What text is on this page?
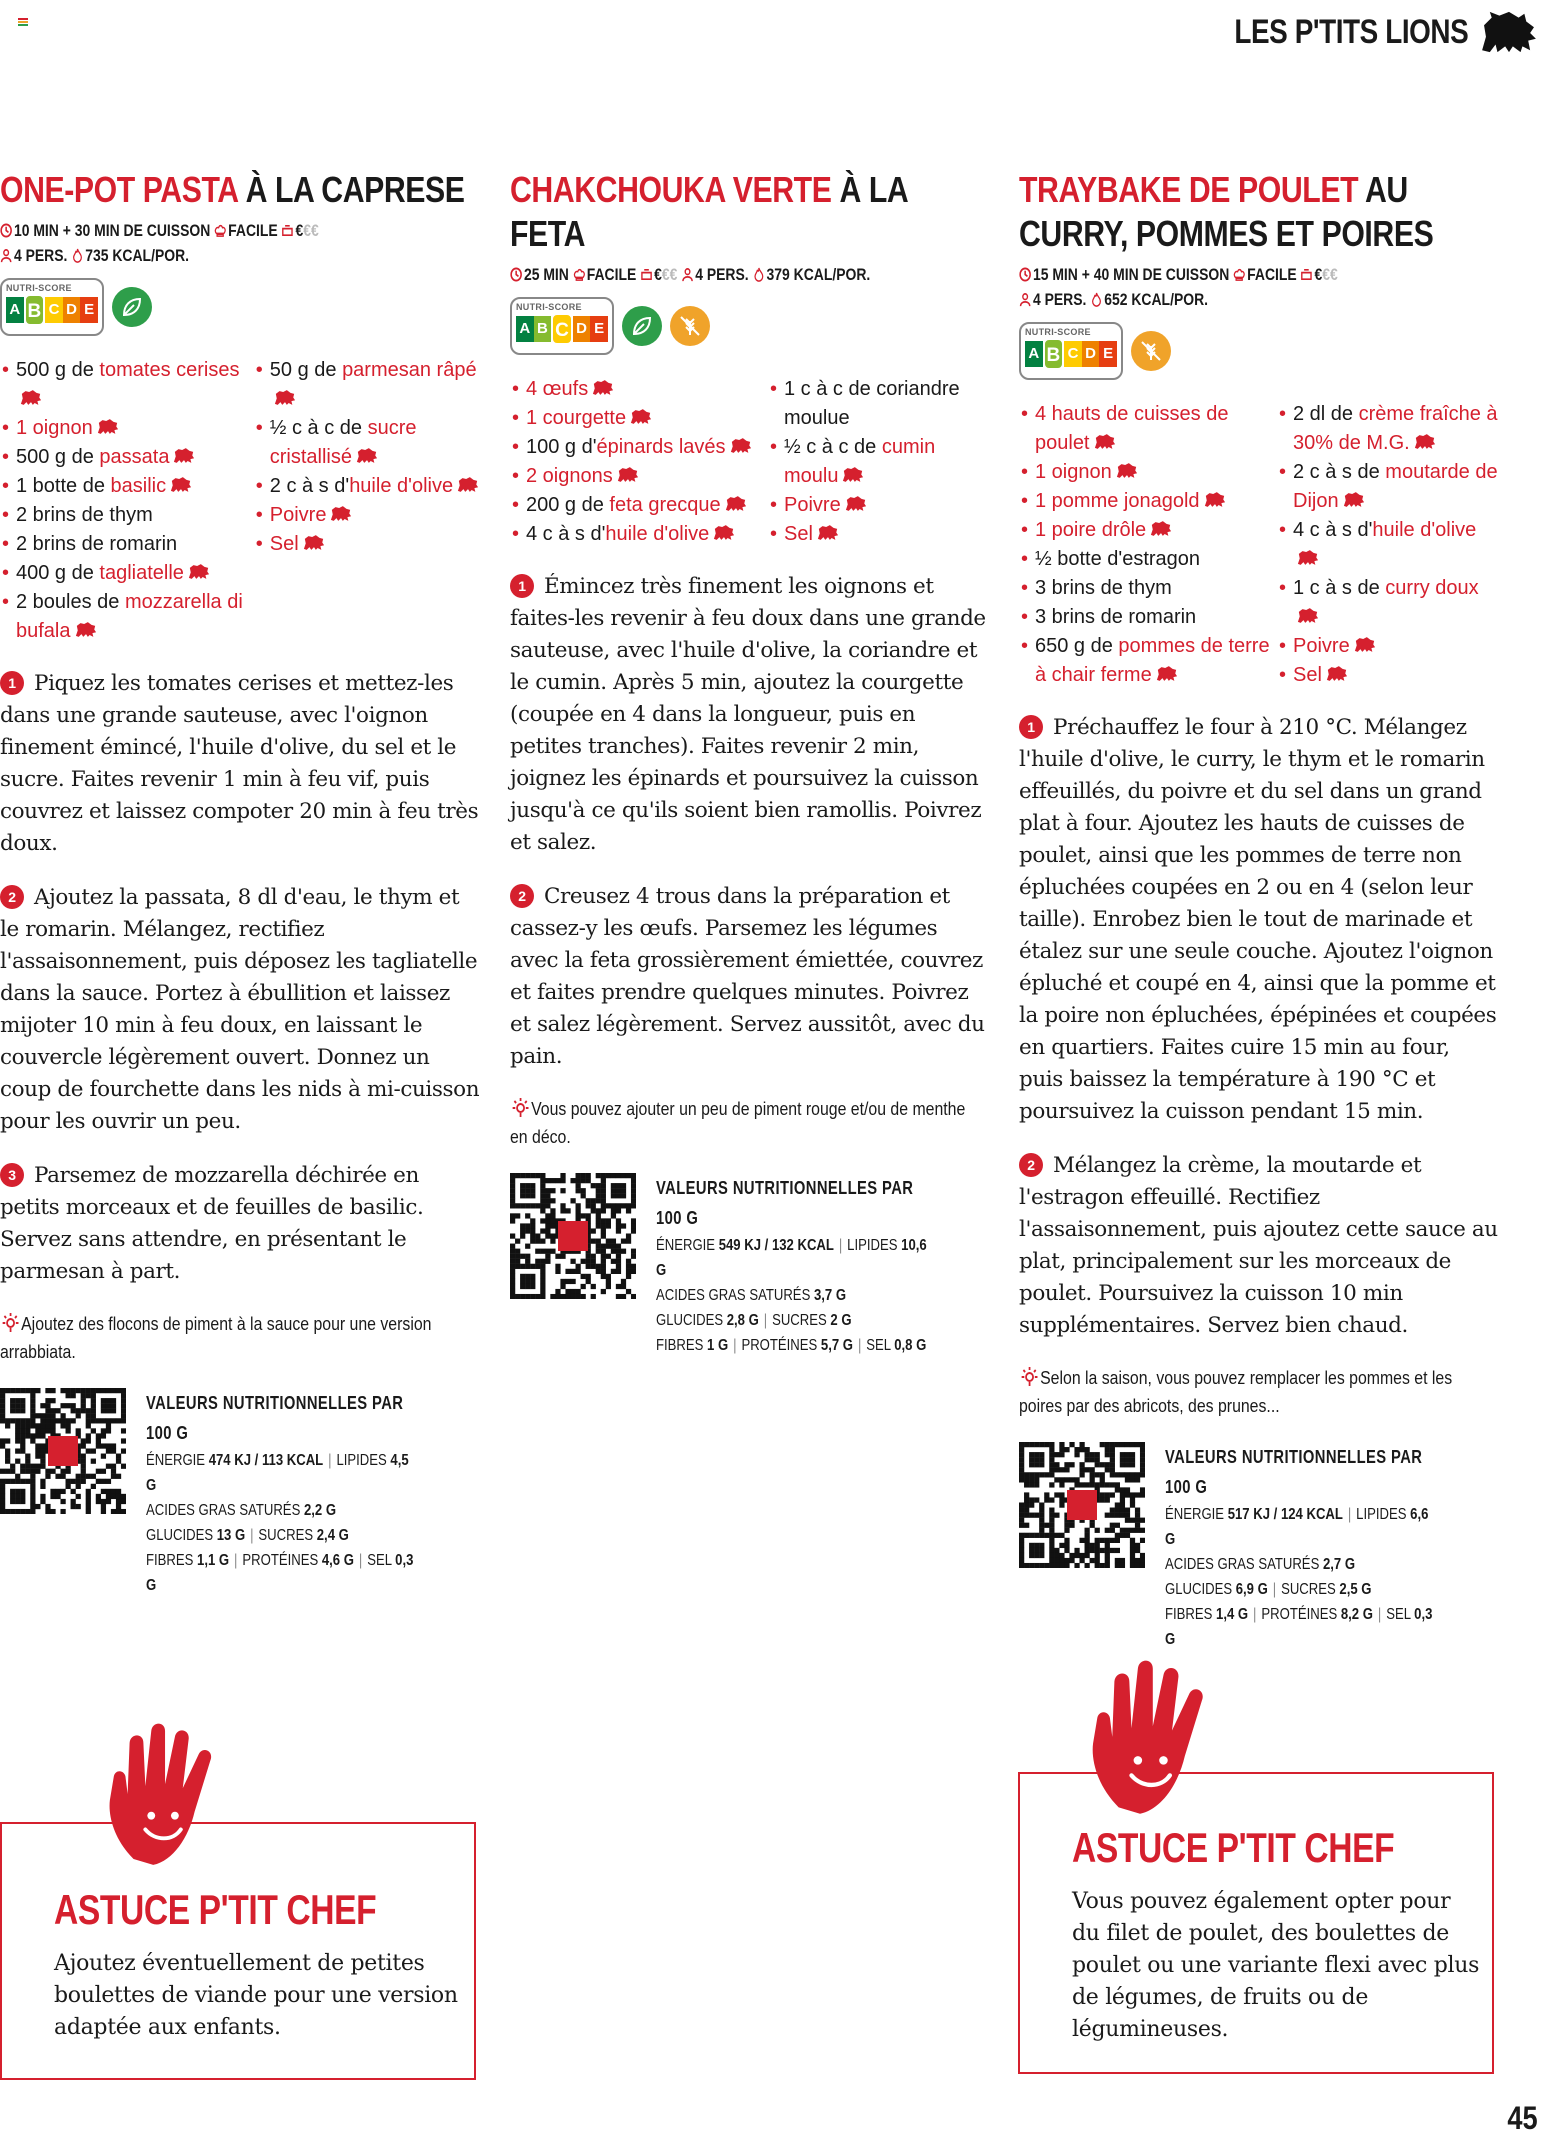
LES P'TITS LIONS
ONE-POT PASTA À LA CAPRESE
10 MIN + 30 MIN DE CUISSON FACILE €€€
4 PERS. 735 KCAL/POR.
NUTRI-SCORE
A B C D E
• 500 g de tomates cerises
• 1 oignon
• 500 g de passata
• 1 botte de basilic
• 2 brins de thym
• 2 brins de romarin
• 400 g de tagliatelle
• 2 boules de mozzarella di bufala
• 50 g de parmesan râpé
• ½ c à c de sucre cristallisé
• 2 c à s d'huile d'olive
• Poivre
• Sel

1 Piquez les tomates cerises et mettez-les dans une grande sauteuse, avec l'oignon finement émincé, l'huile d'olive, du sel et le sucre. Faites revenir 1 min à feu vif, puis couvrez et laissez compoter 20 min à feu très doux.

2 Ajoutez la passata, 8 dl d'eau, le thym et le romarin. Mélangez, rectifiez l'assaisonnement, puis déposez les tagliatelle dans la sauce. Portez à ébullition et laissez mijoter 10 min à feu doux, en laissant le couvercle légèrement ouvert. Donnez un coup de fourchette dans les nids à mi-cuisson pour les ouvrir un peu.

3 Parsemez de mozzarella déchirée en petits morceaux et de feuilles de basilic. Servez sans attendre, en présentant le parmesan à part.

Ajoutez des flocons de piment à la sauce pour une version arrabbiata.
VALEURS NUTRITIONNELLES PAR 100 G
ÉNERGIE 474 KJ / 113 KCAL | LIPIDES 4,5 G
ACIDES GRAS SATURÉS 2,2 G
GLUCIDES 13 G | SUCRES 2,4 G
FIBRES 1,1 G | PROTÉINES 4,6 G | SEL 0,3 G
CHAKCHOUKA VERTE À LA FETA
25 MIN FACILE €€€ 4 PERS. 379 KCAL/POR.
NUTRI-SCORE
A B C D E
• 4 œufs
• 1 courgette
• 100 g d'épinards lavés
• 2 oignons
• 200 g de feta grecque
• 4 c à s d'huile d'olive
• 1 c à c de coriandre moulue
• ½ c à c de cumin moulu
• Poivre
• Sel

1 Émincez très finement les oignons et faites-les revenir à feu doux dans une grande sauteuse, avec l'huile d'olive, la coriandre et le cumin. Après 5 min, ajoutez la courgette (coupée en 4 dans la longueur, puis en petites tranches). Faites revenir 2 min, joignez les épinards et poursuivez la cuisson jusqu'à ce qu'ils soient bien ramollis. Poivrez et salez.

2 Creusez 4 trous dans la préparation et cassez-y les œufs. Parsemez les légumes avec la feta grossièrement émiettée, couvrez et faites prendre quelques minutes. Poivrez et salez légèrement. Servez aussitôt, avec du pain.

Vous pouvez ajouter un peu de piment rouge et/ou de menthe en déco.
VALEURS NUTRITIONNELLES PAR 100 G
ÉNERGIE 549 KJ / 132 KCAL | LIPIDES 10,6 G
ACIDES GRAS SATURÉS 3,7 G
GLUCIDES 2,8 G | SUCRES 2 G
FIBRES 1 G | PROTÉINES 5,7 G | SEL 0,8 G
TRAYBAKE DE POULET AU CURRY, POMMES ET POIRES
15 MIN + 40 MIN DE CUISSON FACILE €€€
4 PERS. 652 KCAL/POR.
NUTRI-SCORE
A B C D E
• 4 hauts de cuisses de poulet
• 1 oignon
• 1 pomme jonagold
• 1 poire drôle
• ½ botte d'estragon
• 3 brins de thym
• 3 brins de romarin
• 650 g de pommes de terre à chair ferme
• 2 dl de crème fraîche à 30% de M.G.
• 2 c à s de moutarde de Dijon
• 4 c à s d'huile d'olive
• 1 c à s de curry doux
• Poivre
• Sel

1 Préchauffez le four à 210 °C. Mélangez l'huile d'olive, le curry, le thym et le romarin effeuillés, du poivre et du sel dans un grand plat à four. Ajoutez les hauts de cuisses de poulet, ainsi que les pommes de terre non épluchées coupées en 2 ou en 4 (selon leur taille). Enrobez bien le tout de marinade et étalez sur une seule couche. Ajoutez l'oignon épluché et coupé en 4, ainsi que la pomme et la poire non épluchées, épépinées et coupées en quartiers. Faites cuire 15 min au four, puis baissez la température à 190 °C et poursuivez la cuisson pendant 15 min.

2 Mélangez la crème, la moutarde et l'estragon effeuillé. Rectifiez l'assaisonnement, puis ajoutez cette sauce au plat, principalement sur les morceaux de poulet. Poursuivez la cuisson 10 min supplémentaires. Servez bien chaud.

Selon la saison, vous pouvez remplacer les pommes et les poires par des abricots, des prunes...
VALEURS NUTRITIONNELLES PAR 100 G
ÉNERGIE 517 KJ / 124 KCAL | LIPIDES 6,6 G
ACIDES GRAS SATURÉS 2,7 G
GLUCIDES 6,9 G | SUCRES 2,5 G
FIBRES 1,4 G | PROTÉINES 8,2 G | SEL 0,3 G
ASTUCE P'TIT CHEF
Ajoutez éventuellement de petites boulettes de viande pour une version adaptée aux enfants.
ASTUCE P'TIT CHEF
Vous pouvez également opter pour du filet de poulet, des boulettes de poulet ou une variante flexi avec plus de légumes, de fruits ou de légumineuses.
45
